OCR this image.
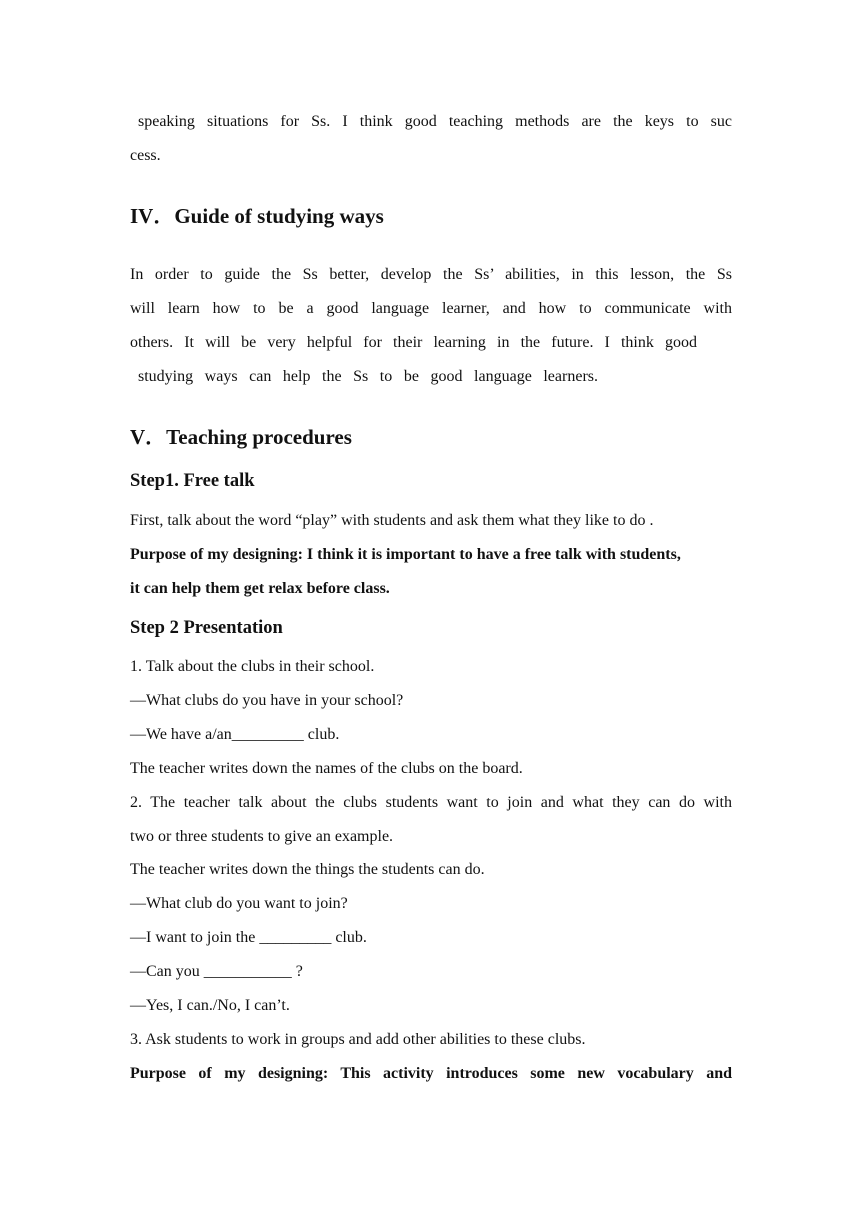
speaking situations for Ss. I think good teaching methods are the keys to suc
cess.
IV．Guide of studying ways
In order to guide the Ss better, develop the Ss’ abilities, in this lesson, the Ss
will learn how to be a good language learner, and how to communicate with
others. It will be very helpful for their learning in the future. I think good
studying ways can help the Ss to be good language learners.
V．Teaching procedures
Step1. Free talk
First, talk about the word “play” with students and ask them what they like to do .
Purpose of my designing: I think it is important to have a free talk with students,
it can help them get relax before class.
Step 2 Presentation
1. Talk about the clubs in their school.
—What clubs do you have in your school?
—We have a/an_________ club.
The teacher writes down the names of the clubs on the board.
2. The teacher talk about the clubs students want to join and what they can do with
two or three students to give an example.
The teacher writes down the things the students can do.
—What club do you want to join?
—I want to join the _________ club.
—Can you ___________ ?
—Yes, I can./No, I can’t.
3. Ask students to work in groups and add other abilities to these clubs.
Purpose of my designing: This activity introduces some new vocabulary and
